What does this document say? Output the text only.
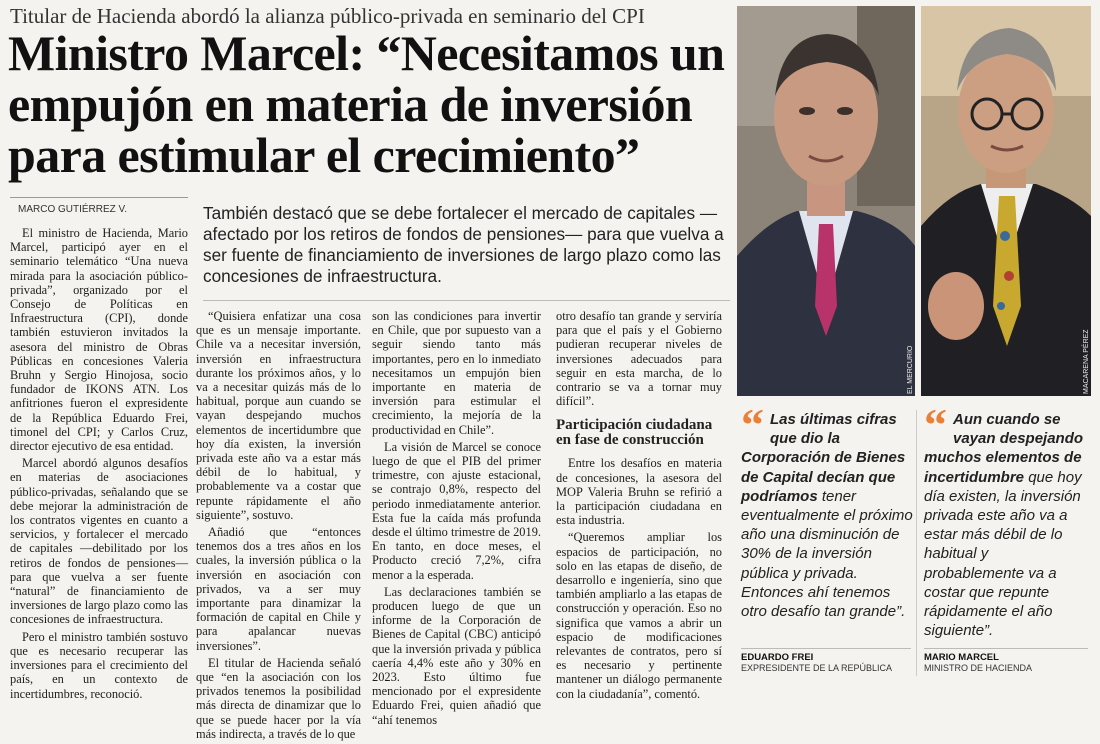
Titular de Hacienda abordó la alianza público-privada en seminario del CPI
Ministro Marcel: “Necesitamos un empujón en materia de inversión para estimular el crecimiento”
MARCO GUTIÉRREZ V.	También destacó que se debe fortalecer el mercado de capitales —afectado por los retiros de fondos de pensiones— para que vuelva a ser fuente de financiamiento de inversiones de largo plazo como las concesiones de infraestructura.

El ministro de Hacienda, Mario Marcel, participó ayer en el seminario telemático “Una nueva mirada para la asociación público-privada”, organizado por el Consejo de Políticas en Infraestructura (CPI), donde también estuvieron invitados la asesora del ministro de Obras Públicas en concesiones Valeria Bruhn y Sergio Hinojosa, socio fundador de IKONS ATN. Los anfitriones fueron el expresidente de la República Eduardo Frei, timonel del CPI; y Carlos Cruz, director ejecutivo de esa entidad.

Marcel abordó algunos desafíos en materias de asociaciones público-privadas, señalando que se debe mejorar la administración de los contratos vigentes en cuanto a servicios, y fortalecer el mercado de capitales —debilitado por los retiros de fondos de pensiones— para que vuelva a ser fuente “natural” de financiamiento de inversiones de largo plazo como las concesiones de infraestructura.

Pero el ministro también sostuvo que es necesario recuperar las inversiones para el crecimiento del país, en un contexto de incertidumbres, reconoció.

“Quisiera enfatizar una cosa que es un mensaje importante. Chile va a necesitar inversión, inversión en infraestructura durante los próximos años, y lo va a necesitar quizás más de lo habitual, porque aun cuando se vayan despejando muchos elementos de incertidumbre que hoy día existen, la inversión privada este año va a estar más débil de lo habitual, y probablemente va a costar que repunte rápidamente el año siguiente”, sostuvo.

Añadió que “entonces tenemos dos a tres años en los cuales, la inversión pública o la inversión en asociación con privados, va a ser muy importante para dinamizar la formación de capital en Chile y para apalancar nuevas inversiones”.

El titular de Hacienda señaló que “en la asociación con los privados tenemos la posibilidad más directa de dinamizar que lo que se puede hacer por la vía más indirecta, a través de lo que

son las condiciones para invertir en Chile, que por supuesto van a seguir siendo tanto más importantes, pero en lo inmediato necesitamos un empujón bien importante en materia de inversión para estimular el crecimiento, la mejoría de la productividad en Chile”.

La visión de Marcel se conoce luego de que el PIB del primer trimestre, con ajuste estacional, se contrajo 0,8%, respecto del periodo inmediatamente anterior. Esta fue la caída más profunda desde el último trimestre de 2019. En tanto, en doce meses, el Producto creció 7,2%, cifra menor a la esperada.

Las declaraciones también se producen luego de que un informe de la Corporación de Bienes de Capital (CBC) anticipó que la inversión privada y pública caería 4,4% este año y 30% en 2023. Esto último fue mencionado por el expresidente Eduardo Frei, quien añadió que “ahí tenemos

otro desafío tan grande y serviría para que el país y el Gobierno pudieran recuperar niveles de inversiones adecuados para seguir en esta marcha, de lo contrario se va a tornar muy difícil”.

Participación ciudadana en fase de construcción

Entre los desafíos en materia de concesiones, la asesora del MOP Valeria Bruhn se refirió a la participación ciudadana en esta industria.

“Queremos ampliar los espacios de participación, no solo en las etapas de diseño, de desarrollo e ingeniería, sino que también ampliarlo a las etapas de construcción y operación. Eso no significa que vamos a abrir un espacio de modificaciones relevantes de contratos, pero sí es necesario y pertinente mantener un diálogo permanente con la ciudadanía”, comentó.

EL MERCURIO	MACARENA PÉREZ
“ Las últimas cifras que dio la Corporación de Bienes de Capital decían que podríamos tener eventualmente el próximo año una disminución de 30% de la inversión pública y privada. Entonces ahí tenemos otro desafío tan grande”.
“ Aun cuando se vayan despejando muchos elementos de incertidumbre que hoy día existen, la inversión privada este año va a estar más débil de lo habitual y probablemente va a costar que repunte rápidamente el año siguiente”.
EDUARDO FREI
EXPRESIDENTE DE LA REPÚBLICA
MARIO MARCEL
MINISTRO DE HACIENDA
